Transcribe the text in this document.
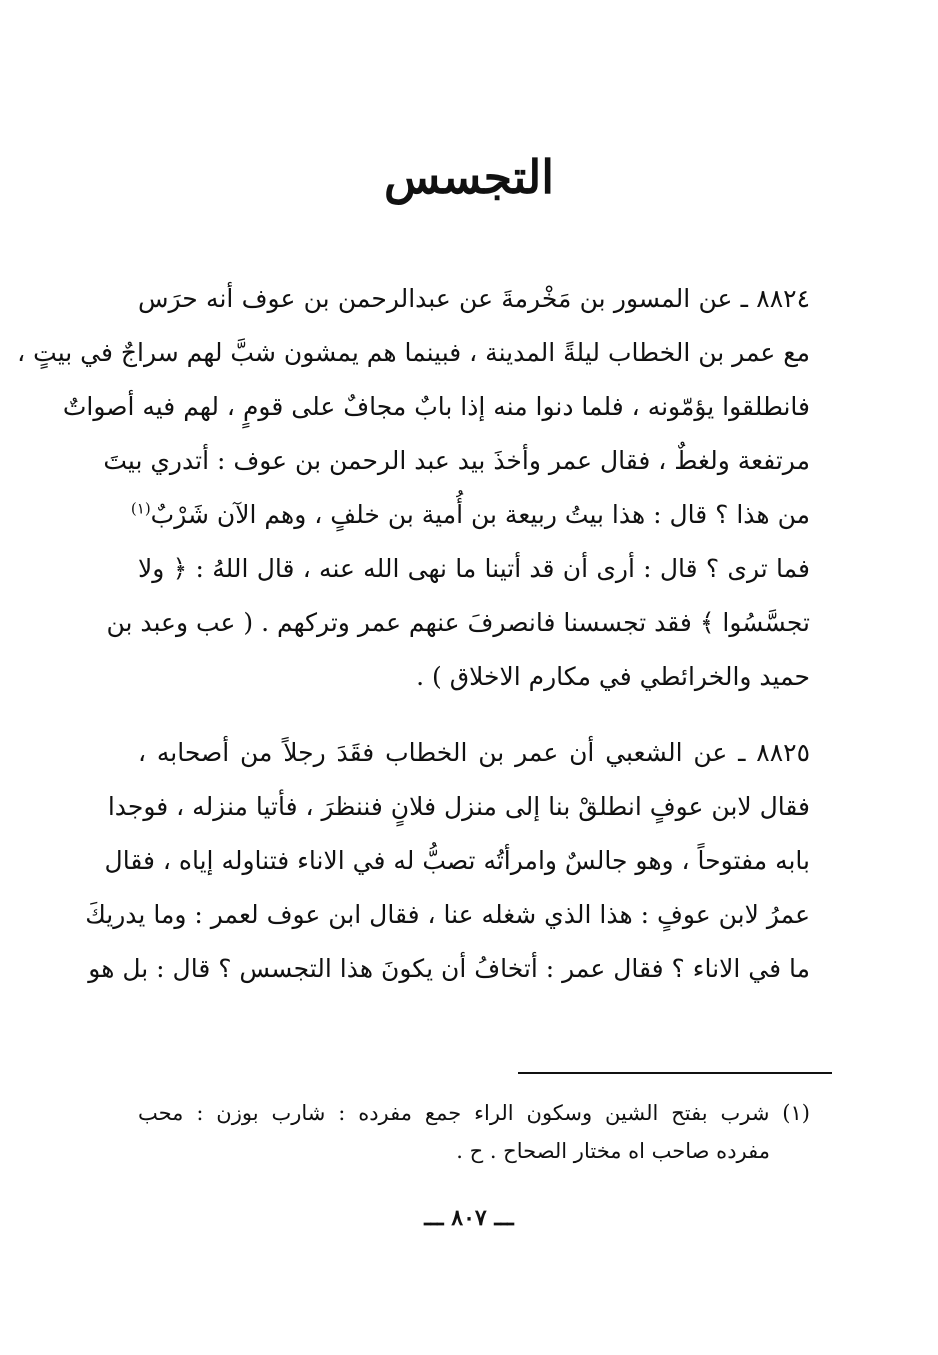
التجسس

٨٨٢٤ ـ عن المسور بن مَخْرمةَ عن عبدالرحمن بن عوف أنه حرَس
مع عمر بن الخطاب ليلةً المدينة ، فبينما هم يمشون شبَّ لهم سراجٌ في بيتٍ ،
فانطلقوا يؤمّونه ، فلما دنوا منه إذا بابٌ مجافٌ على قومٍ ، لهم فيه أصواتٌ
مرتفعة ولغطٌ ، فقال عمر وأخذَ بيد عبد الرحمن بن عوف : أتدري بيتَ
من هذا ؟ قال : هذا بيتُ ربيعة بن أُمية بن خلفٍ ، وهم الآن شَرْبٌ$^{(١)}$
فما ترى ؟ قال : أرى أن قد أتينا ما نهى الله عنه ، قال اللهُ : ﴿ ولا
تجسَّسُوا ﴾ فقد تجسسنا فانصرفَ عنهم عمر وتركهم . ( عب وعبد بن
حميد والخرائطي في مكارم الاخلاق ) .

٨٨٢٥ ـ عن الشعبي أن عمر بن الخطاب فقَدَ رجلاً من أصحابه ،
فقال لابن عوفٍ انطلقْ بنا إلى منزل فلانٍ فننظرَ ، فأتيا منزله ، فوجدا
بابه مفتوحاً ، وهو جالسٌ وامرأتُه تصبُّ له في الاناء فتناوله إياه ، فقال
عمرُ لابن عوفٍ : هذا الذي شغله عنا ، فقال ابن عوف لعمر : وما يدريكَ
ما في الاناء ؟ فقال عمر : أتخافُ أن يكونَ هذا التجسس ؟ قال : بل هو

(١) شرب بفتح الشين وسكون الراء جمع مفرده : شارب بوزن : محب
مفرده صاحب اه مختار الصحاح . ح .
ـــ ٨٠٧ ـــ
